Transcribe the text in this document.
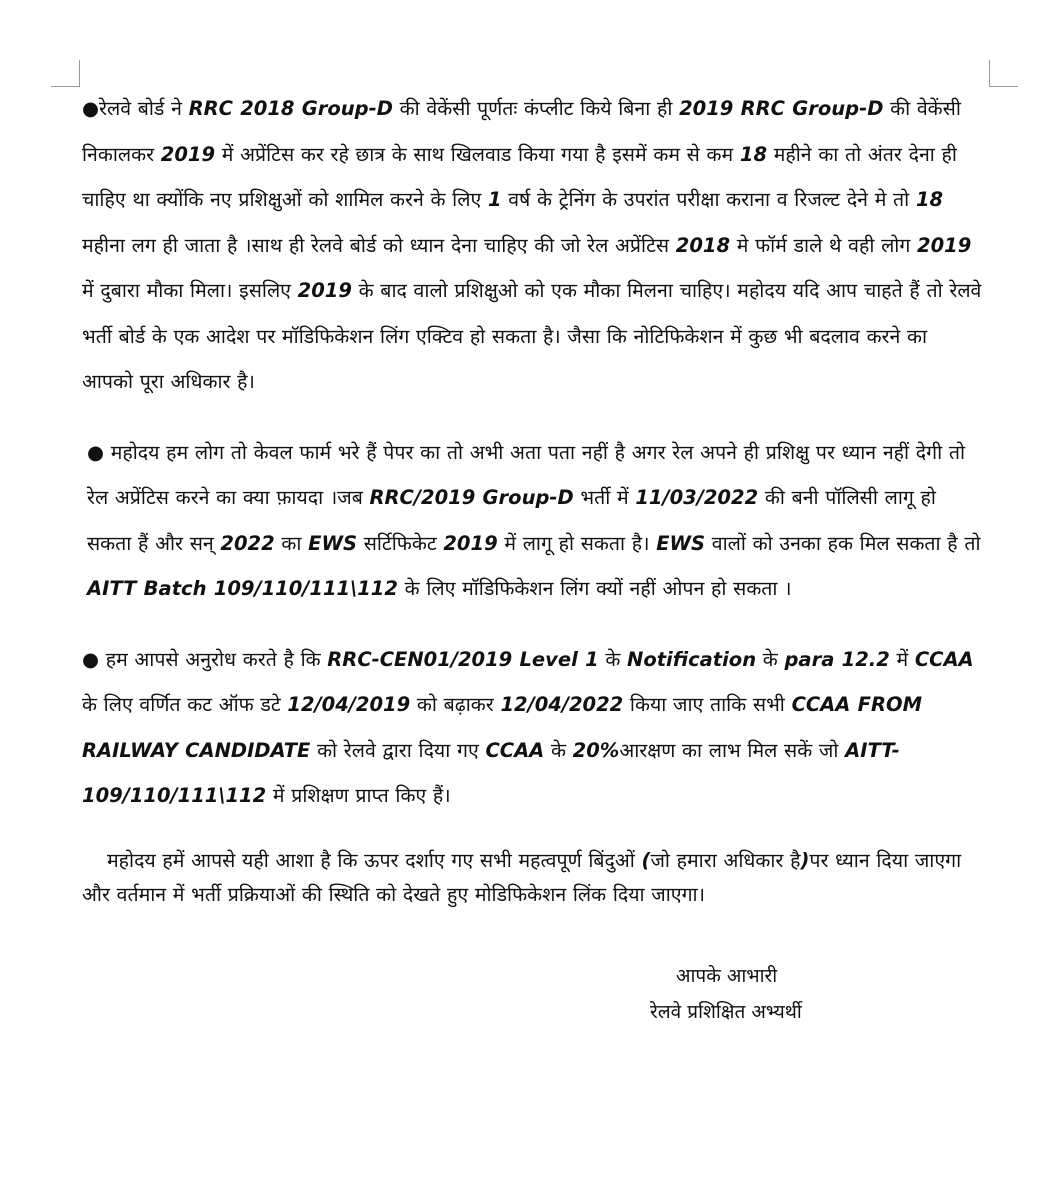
●रेलवे बोर्ड ने RRC 2018 Group-D की वेकेंसी पूर्णतः कंप्लीट किये बिना ही 2019 RRC Group-D की वेकेंसी निकालकर 2019 में अप्रेंटिस कर रहे छात्र के साथ खिलवाड किया गया है इसमें कम से कम 18 महीने का तो अंतर देना ही चाहिए था क्योंकि नए प्रशिक्षुओं को शामिल करने के लिए 1 वर्ष के ट्रेनिंग के उपरांत परीक्षा कराना व रिजल्ट देने मे तो 18 महीना लग ही जाता है ।साथ ही रेलवे बोर्ड को ध्यान देना चाहिए की जो रेल अप्रेंटिस 2018 मे फॉर्म डाले थे वही लोग 2019 में दुबारा मौका मिला। इसलिए 2019 के बाद वालो प्रशिक्षुओ को एक मौका मिलना चाहिए। महोदय यदि आप चाहते हैं तो रेलवे भर्ती बोर्ड के एक आदेश पर मॉडिफिकेशन लिंग एक्टिव हो सकता है। जैसा कि नोटिफिकेशन में कुछ भी बदलाव करने का आपको पूरा अधिकार है।

● महोदय हम लोग तो केवल फार्म भरे हैं पेपर का तो अभी अता पता नहीं है अगर रेल अपने ही प्रशिक्षु पर ध्यान नहीं देगी तो रेल अप्रेंटिस करने का क्या फ़ायदा ।जब RRC/2019 Group-D भर्ती में 11/03/2022 की बनी पॉलिसी लागू हो सकता हैं और सन् 2022 का EWS सर्टिफिकेट 2019 में लागू हो सकता है। EWS वालों को उनका हक मिल सकता है तो AITT Batch 109/110/111\112 के लिए मॉडिफिकेशन लिंग क्यों नहीं ओपन हो सकता ।

● हम आपसे अनुरोध करते है कि RRC-CEN01/2019 Level 1 के Notification के para 12.2 में CCAA के लिए वर्णित कट ऑफ डटे 12/04/2019 को बढ़ाकर 12/04/2022 किया जाए ताकि सभी CCAA FROM RAILWAY CANDIDATE को रेलवे द्वारा दिया गए CCAA के 20%आरक्षण का लाभ मिल सकें जो AITT-109/110/111\112 में प्रशिक्षण प्राप्त किए हैं।

महोदय हमें आपसे यही आशा है कि ऊपर दर्शाए गए सभी महत्वपूर्ण बिंदुओं (जो हमारा अधिकार है)पर ध्यान दिया जाएगा और वर्तमान में भर्ती प्रक्रियाओं की स्थिति को देखते हुए मोडिफिकेशन लिंक दिया जाएगा।

आपके आभारी
रेलवे प्रशिक्षित अभ्यर्थी
